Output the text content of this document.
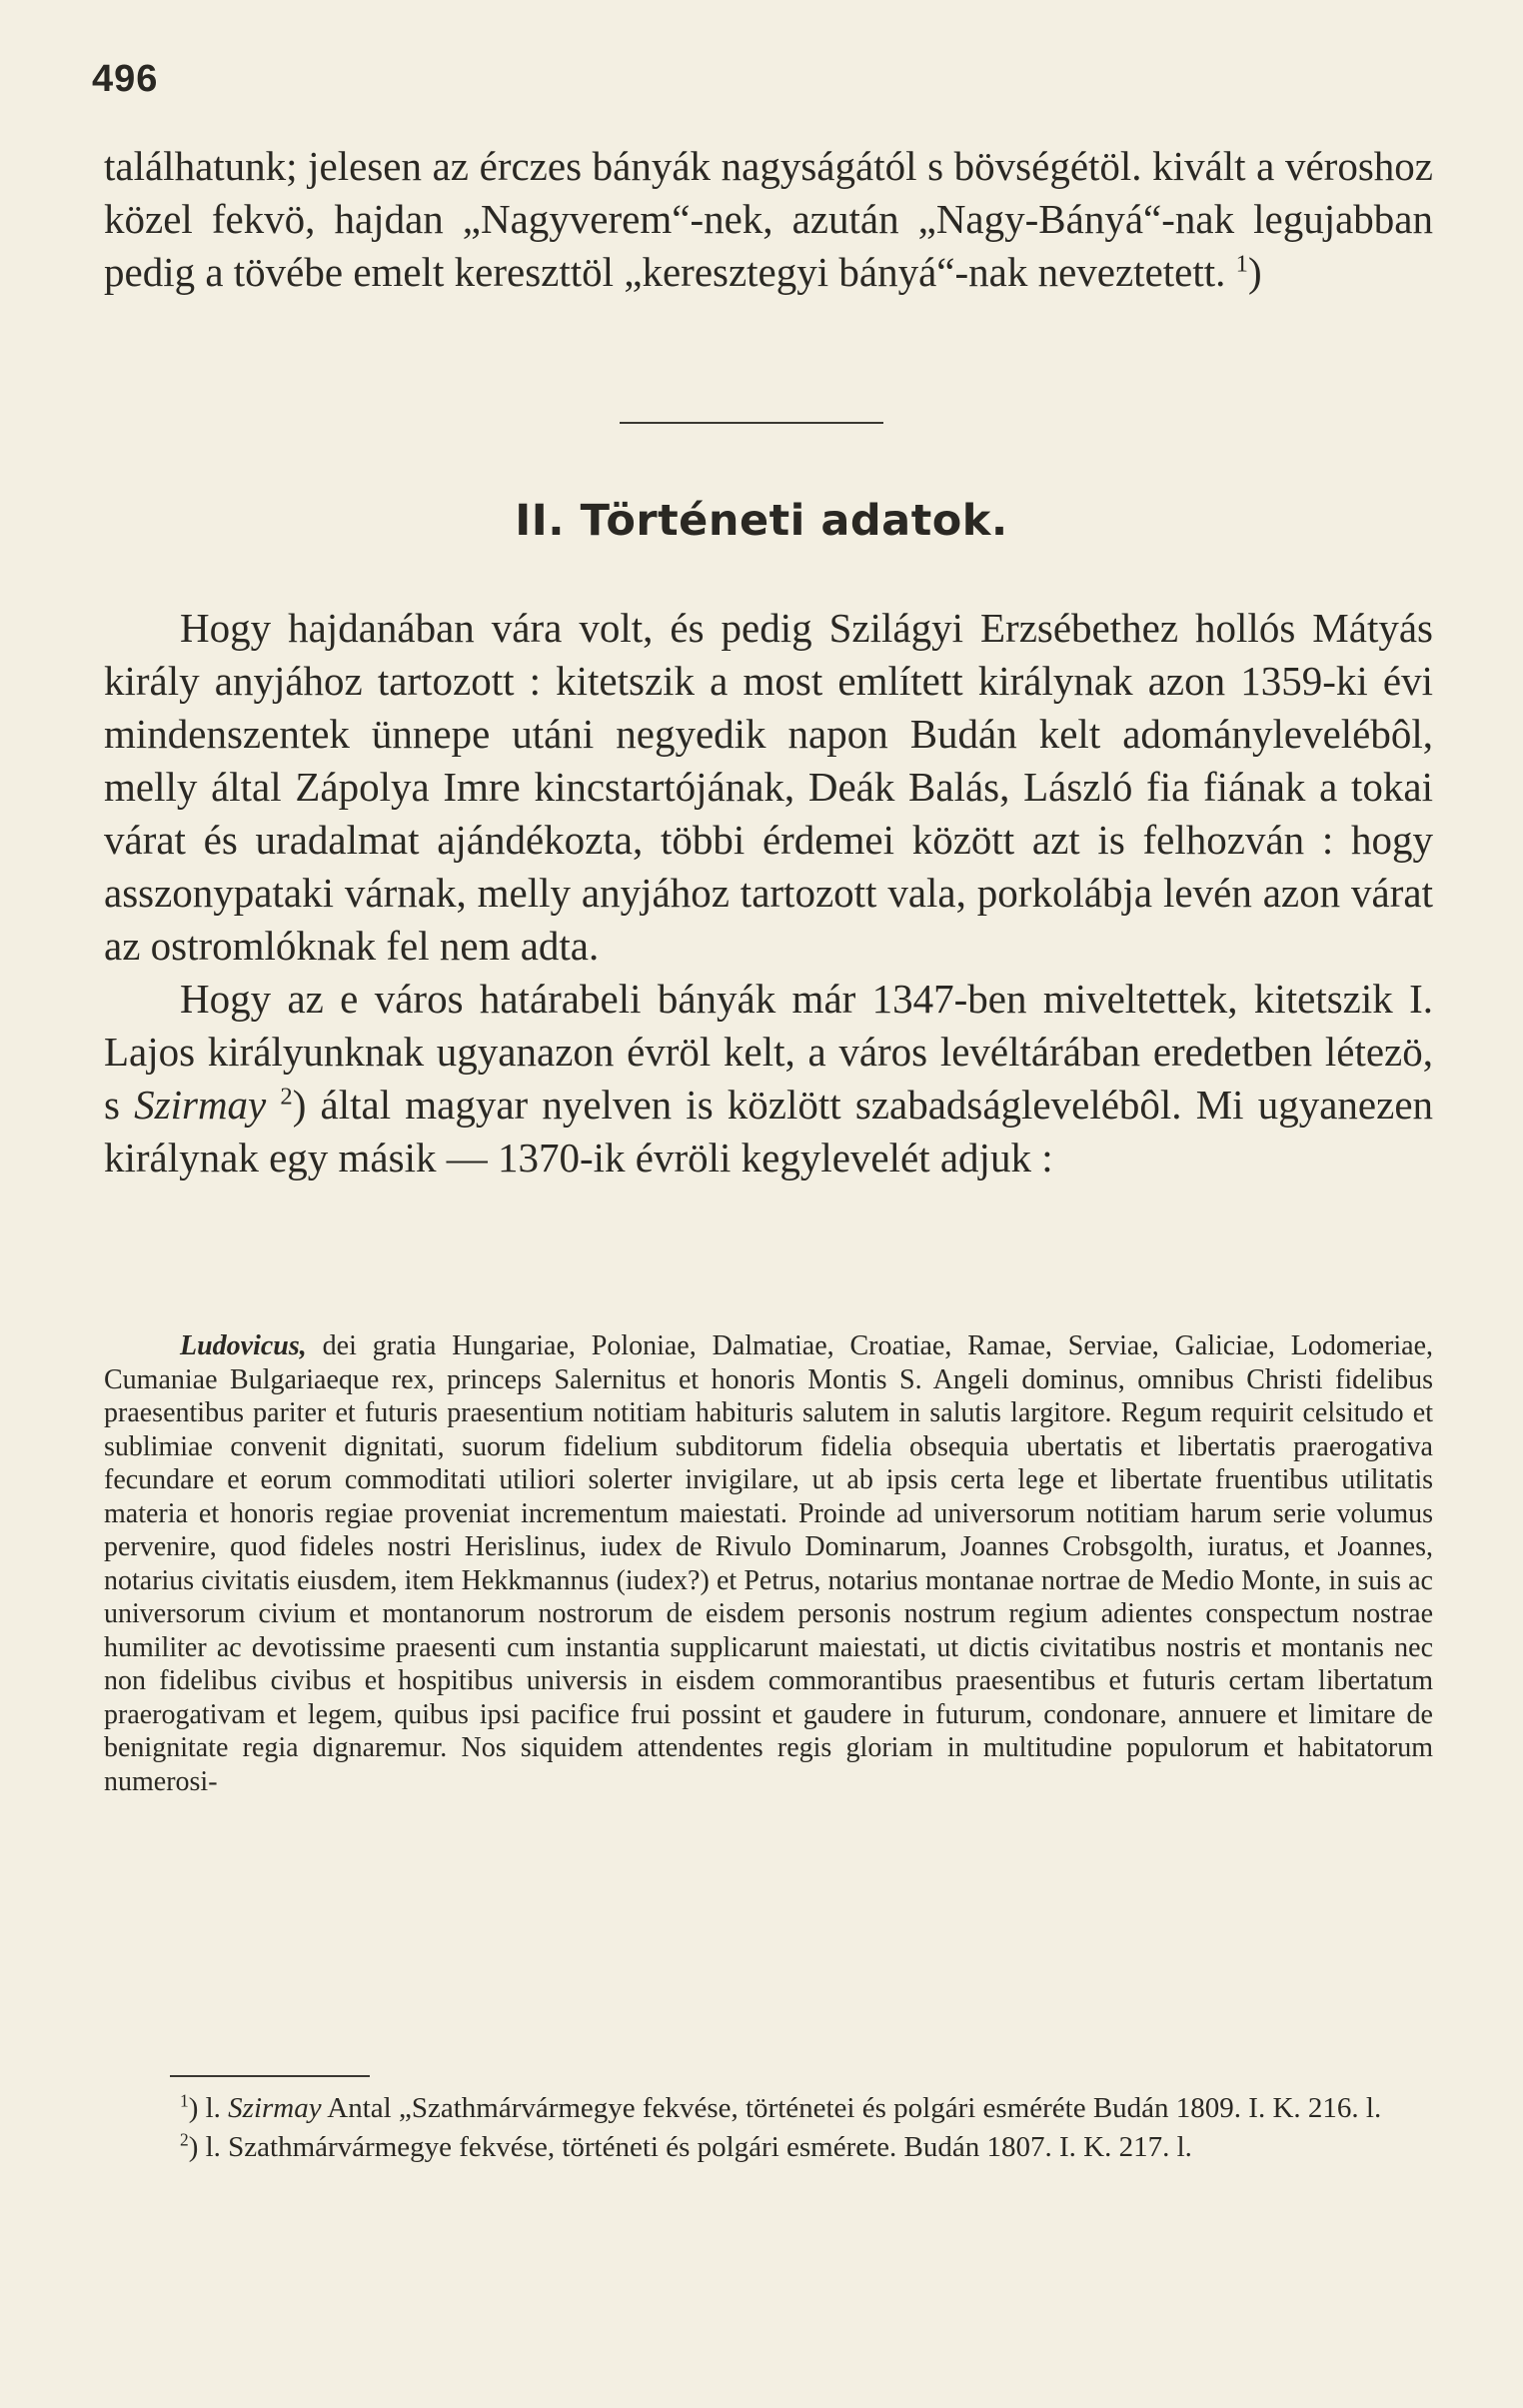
496

találhatunk; jelesen az érczes bányák nagyságától s bövségétöl. kivált a véroshoz közel fekvö, hajdan „Nagyverem“-nek, azután „Nagy-Bányá“-nak legujabban pedig a tövébe emelt kereszttöl „keresztegyi bányá“-nak neveztetett. $^1$)

II. Történeti adatok.

Hogy hajdanában vára volt, és pedig Szilágyi Erzsébethez hollós Mátyás király anyjához tartozott : kitetszik a most említett királynak azon 1359-ki évi mindenszentek ünnepe utáni negyedik napon Budán kelt adománylevelébôl, melly által Zápolya Imre kincstartójának, Deák Balás, László fia fiának a tokai várat és uradalmat ajándékozta, többi érdemei között azt is felhozván : hogy asszonypataki várnak, melly anyjához tartozott vala, porkolábja levén azon várat az ostromlóknak fel nem adta.

Hogy az e város határabeli bányák már 1347-ben miveltettek, kitetszik I. Lajos királyunknak ugyanazon évröl kelt, a város levéltárában eredetben létezö, s Szirmay $^2$) által magyar nyelven is közlött szabadságlevelébôl. Mi ugyanezen királynak egy másik — 1370-ik évröli kegylevelét adjuk :

Ludovicus, dei gratia Hungariae, Poloniae, Dalmatiae, Croatiae, Ramae, Serviae, Galiciae, Lodomeriae, Cumaniae Bulgariaeque rex, princeps Salernitus et honoris Montis S. Angeli dominus, omnibus Christi fidelibus praesentibus pariter et futuris praesentium notitiam habituris salutem in salutis largitore. Regum requirit celsitudo et sublimiae convenit dignitati, suorum fidelium subditorum fidelia obsequia ubertatis et libertatis praerogativa fecundare et eorum commoditati utiliori solerter invigilare, ut ab ipsis certa lege et libertate fruentibus utilitatis materia et honoris regiae proveniat incrementum maiestati. Proinde ad universorum notitiam harum serie volumus pervenire, quod fideles nostri Herislinus, iudex de Rivulo Dominarum, Joannes Crobsgolth, iuratus, et Joannes, notarius civitatis eiusdem, item Hekkmannus (iudex?) et Petrus, notarius montanae nortrae de Medio Monte, in suis ac universorum civium et montanorum nostrorum de eisdem personis nostrum regium adientes conspectum nostrae humiliter ac devotissime praesenti cum instantia supplicarunt maiestati, ut dictis civitatibus nostris et montanis nec non fidelibus civibus et hospitibus universis in eisdem commorantibus praesentibus et futuris certam libertatum praerogativam et legem, quibus ipsi pacifice frui possint et gaudere in futurum, condonare, annuere et limitare de benignitate regia dignaremur. Nos siquidem attendentes regis gloriam in multitudine populorum et habitatorum numerosi-

$^1$) l. Szirmay Antal „Szathmárvármegye fekvése, történetei és polgári esméréte Budán 1809. I. K. 216. l.

$^2$) l. Szathmárvármegye fekvése, történeti és polgári esmérete. Budán 1807. I. K. 217. l.
